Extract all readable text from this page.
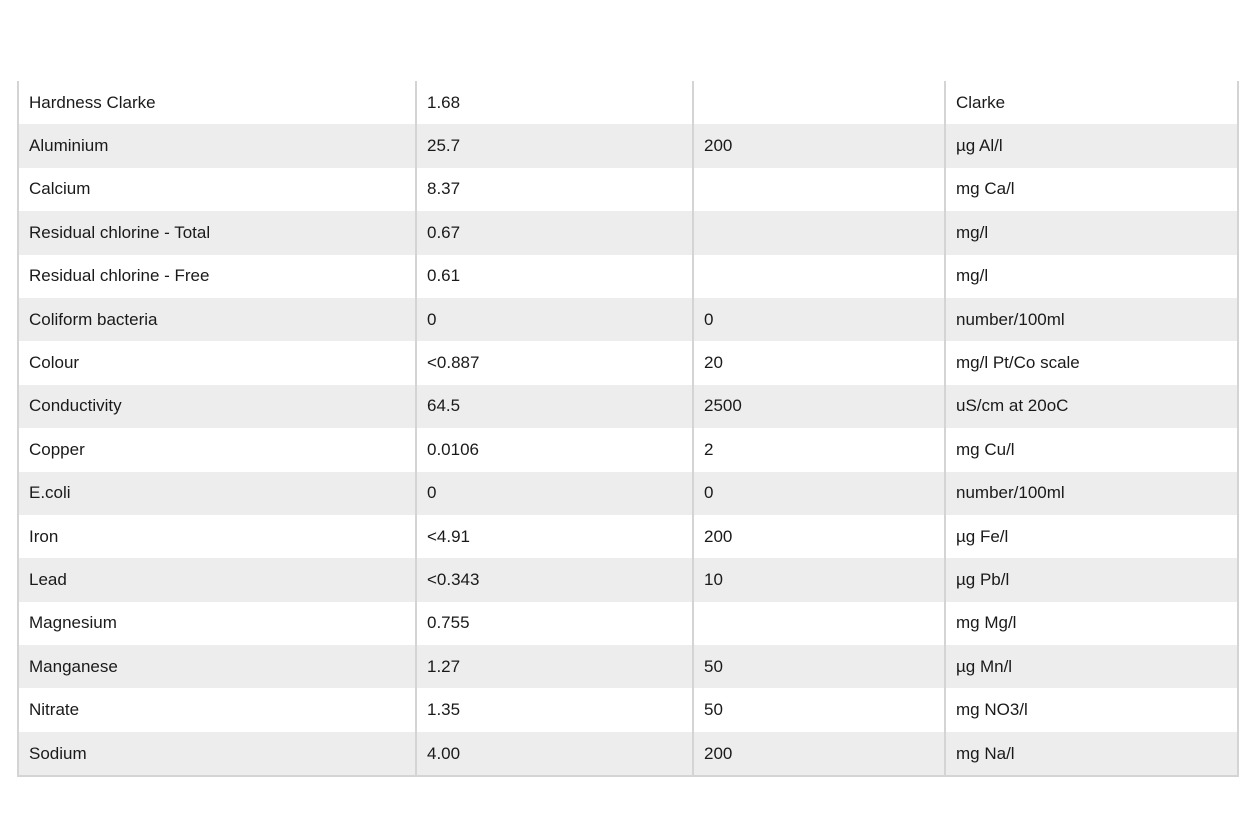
Hardness Clarke	1.68		Clarke
Aluminium	25.7	200	µg Al/l
Calcium	8.37		mg Ca/l
Residual chlorine - Total	0.67		mg/l
Residual chlorine - Free	0.61		mg/l
Coliform bacteria	0	0	number/100ml
Colour	<0.887	20	mg/l Pt/Co scale
Conductivity	64.5	2500	uS/cm at 20oC
Copper	0.0106	2	mg Cu/l
E.coli	0	0	number/100ml
Iron	<4.91	200	µg Fe/l
Lead	<0.343	10	µg Pb/l
Magnesium	0.755		mg Mg/l
Manganese	1.27	50	µg Mn/l
Nitrate	1.35	50	mg NO3/l
Sodium	4.00	200	mg Na/l
